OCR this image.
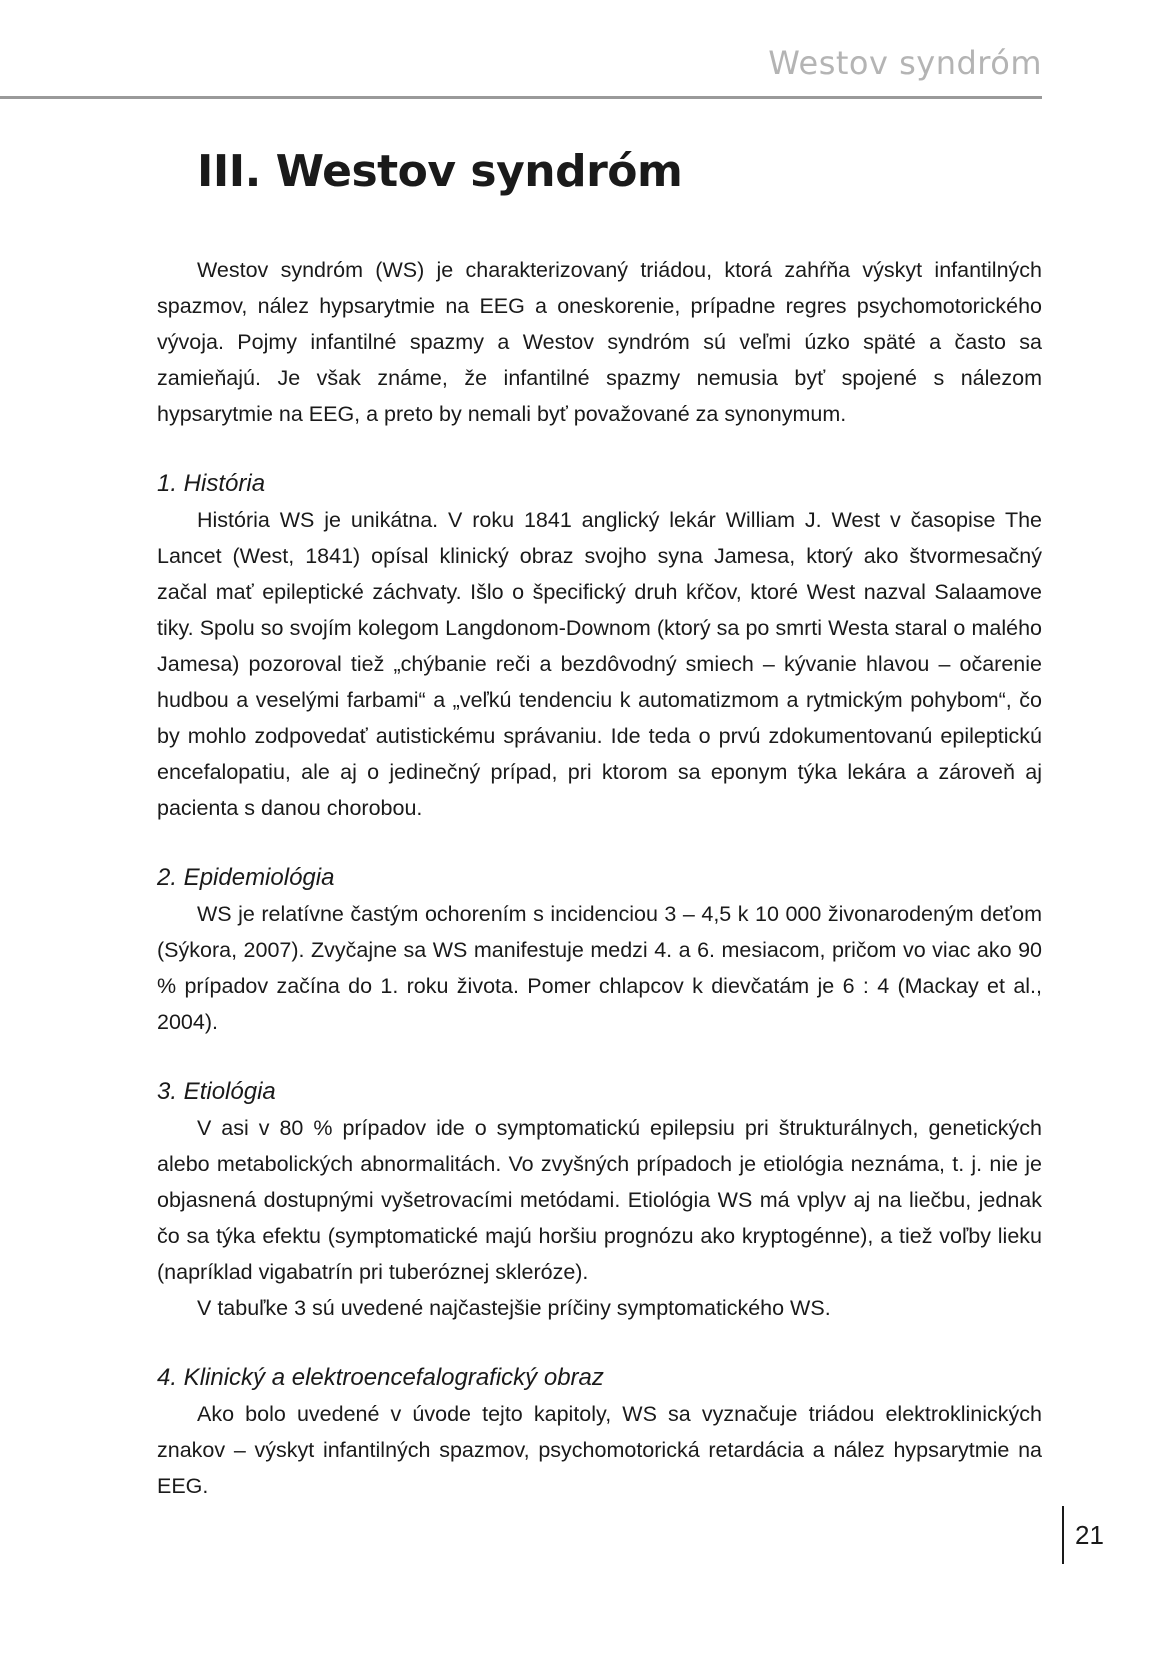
Westov syndróm
III. Westov syndróm

Westov syndróm (WS) je charakterizovaný triádou, ktorá zahŕňa výskyt infantilných spazmov, nález hypsarytmie na EEG a oneskorenie, prípadne regres psychomotorického vývoja. Pojmy infantilné spazmy a Westov syndróm sú veľmi úzko späté a často sa zamieňajú. Je však známe, že infantilné spazmy nemusia byť spojené s nálezom hypsarytmie na EEG, a preto by nemali byť považované za synonymum.

1. História

História WS je unikátna. V roku 1841 anglický lekár William J. West v časopise The Lancet (West, 1841) opísal klinický obraz svojho syna Jamesa, ktorý ako štvormesačný začal mať epileptické záchvaty. Išlo o špecifický druh kŕčov, ktoré West nazval Salaamove tiky. Spolu so svojím kolegom Langdonom-Downom (ktorý sa po smrti Westa staral o malého Jamesa) pozoroval tiež „chýbanie reči a bezdôvodný smiech – kývanie hlavou – očarenie hudbou a veselými farbami“ a „veľkú tendenciu k automatizmom a rytmickým pohybom“, čo by mohlo zodpovedať autistickému správaniu. Ide teda o prvú zdokumentovanú epileptickú encefalopatiu, ale aj o jedinečný prípad, pri ktorom sa eponym týka lekára a zároveň aj pacienta s danou chorobou.

2. Epidemiológia

WS je relatívne častým ochorením s incidenciou 3 – 4,5 k 10 000 živonarodeným deťom (Sýkora, 2007). Zvyčajne sa WS manifestuje medzi 4. a 6. mesiacom, pričom vo viac ako 90 % prípadov začína do 1. roku života. Pomer chlapcov k dievčatám je 6 : 4 (Mackay et al., 2004).

3. Etiológia

V asi v 80 % prípadov ide o symptomatickú epilepsiu pri štrukturálnych, genetických alebo metabolických abnormalitách. Vo zvyšných prípadoch je etiológia neznáma, t. j. nie je objasnená dostupnými vyšetrovacími metódami. Etiológia WS má vplyv aj na liečbu, jednak čo sa týka efektu (symptomatické majú horšiu prognózu ako kryptogénne), a tiež voľby lieku (napríklad vigabatrín pri tuberóznej skleróze).

V tabuľke 3 sú uvedené najčastejšie príčiny symptomatického WS.

4. Klinický a elektroencefalografický obraz

Ako bolo uvedené v úvode tejto kapitoly, WS sa vyznačuje triádou elektroklinických znakov – výskyt infantilných spazmov, psychomotorická retardácia a nález hypsarytmie na EEG.

21
